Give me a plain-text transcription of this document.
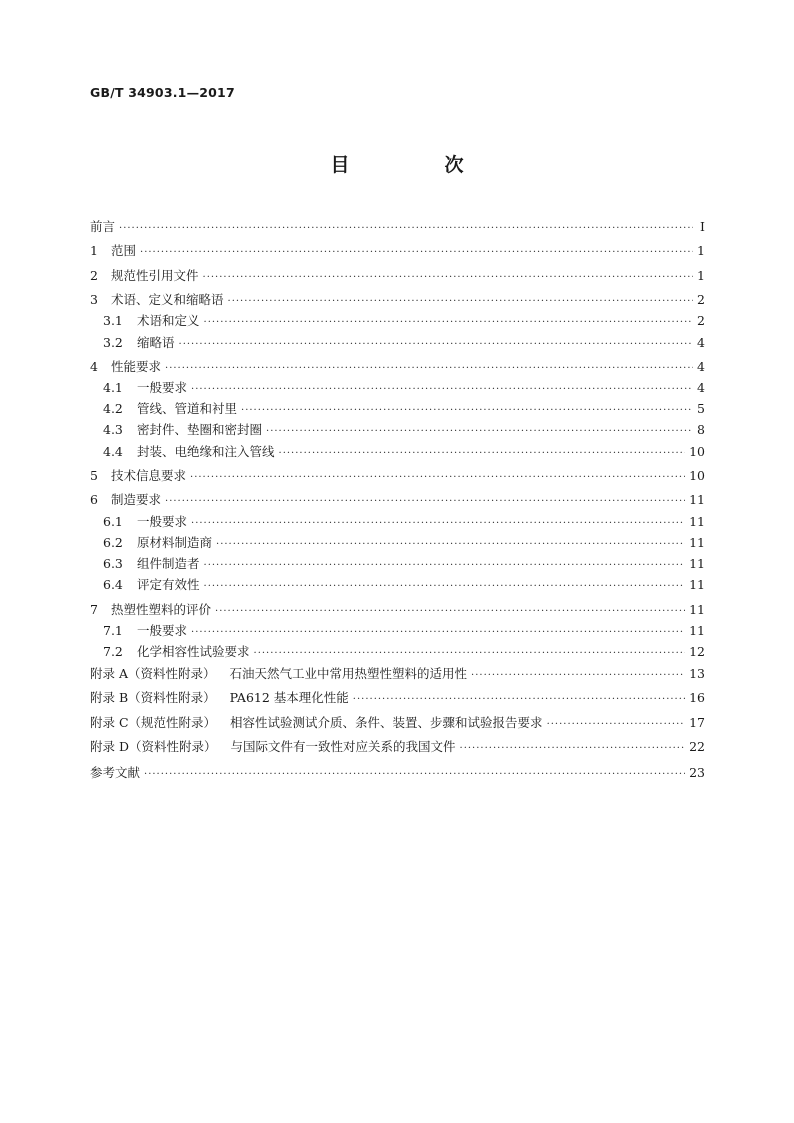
GB/T 34903.1—2017
目　次
前言 ·····	Ⅰ
1	范围 ·····	1
2	规范性引用文件 ·····	1
3	术语、定义和缩略语 ·····	2
3.1	术语和定义 ·····	2
3.2	缩略语 ·····	4
4	性能要求 ·····	4
4.1	一般要求 ·····	4
4.2	管线、管道和衬里 ·····	5
4.3	密封件、垫圈和密封圈 ·····	8
4.4	封装、电绝缘和注入管线 ·····	10
5	技术信息要求 ·····	10
6	制造要求 ·····	11
6.1	一般要求 ·····	11
6.2	原材料制造商 ·····	11
6.3	组件制造者 ·····	11
6.4	评定有效性 ·····	11
7	热塑性塑料的评价 ·····	11
7.1	一般要求 ·····	11
7.2	化学相容性试验要求 ·····	12
附录 A（资料性附录） 石油天然气工业中常用热塑性塑料的适用性 ·····	13
附录 B（资料性附录） PA612 基本理化性能 ·····	16
附录 C（规范性附录） 相容性试验测试介质、条件、装置、步骤和试验报告要求 ·····	17
附录 D（资料性附录） 与国际文件有一致性对应关系的我国文件 ·····	22
参考文献 ·····	23
